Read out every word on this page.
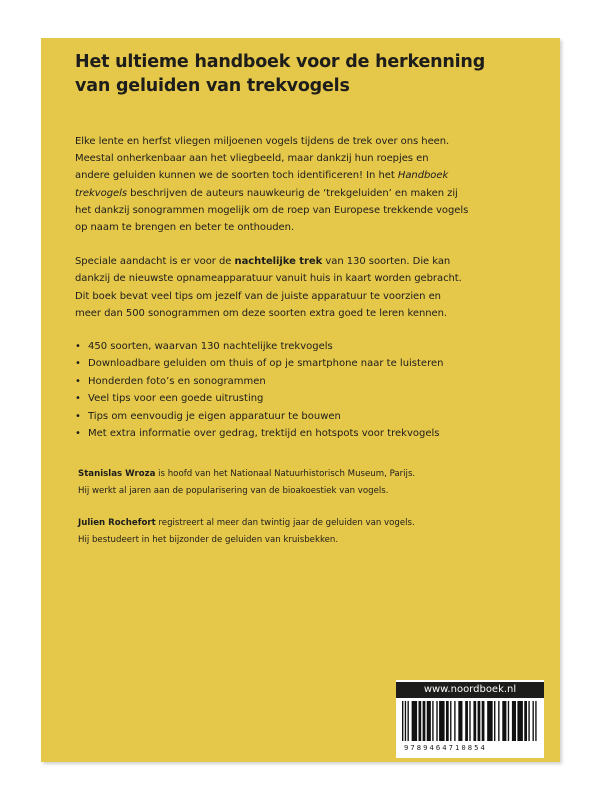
Het ultieme handboek voor de herkenning
van geluiden van trekvogels

Elke lente en herfst vliegen miljoenen vogels tijdens de trek over ons heen.
Meestal onherkenbaar aan het vliegbeeld, maar dankzij hun roepjes en
andere geluiden kunnen we de soorten toch identificeren! In het Handboek
trekvogels beschrijven de auteurs nauwkeurig de ‘trekgeluiden’ en maken zij
het dankzij sonogrammen mogelijk om de roep van Europese trekkende vogels
op naam te brengen en beter te onthouden.

Speciale aandacht is er voor de nachtelijke trek van 130 soorten. Die kan
dankzij de nieuwste opnameapparatuur vanuit huis in kaart worden gebracht.
Dit boek bevat veel tips om jezelf van de juiste apparatuur te voorzien en
meer dan 500 sonogrammen om deze soorten extra goed te leren kennen.

• 450 soorten, waarvan 130 nachtelijke trekvogels
• Downloadbare geluiden om thuis of op je smartphone naar te luisteren
• Honderden foto’s en sonogrammen
• Veel tips voor een goede uitrusting
• Tips om eenvoudig je eigen apparatuur te bouwen
• Met extra informatie over gedrag, trektijd en hotspots voor trekvogels

Stanislas Wroza is hoofd van het Nationaal Natuurhistorisch Museum, Parijs.
Hij werkt al jaren aan de popularisering van de bioakoestiek van vogels.

Julien Rochefort registreert al meer dan twintig jaar de geluiden van vogels.
Hij bestudeert in het bijzonder de geluiden van kruisbekken.

www.noordboek.nl
9789464710854
